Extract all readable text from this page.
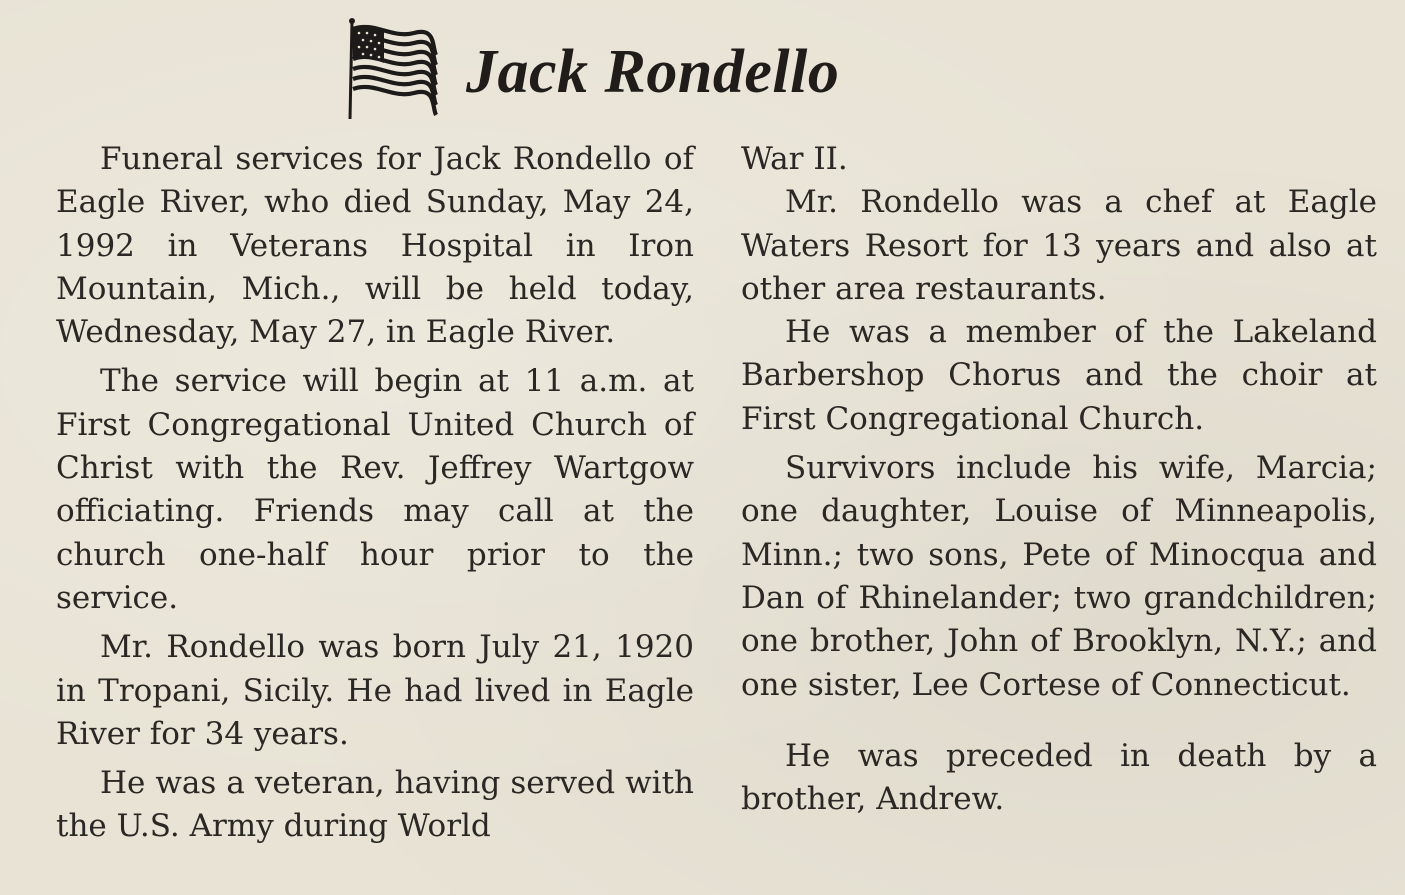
Jack Rondello

Funeral services for Jack Rondello of Eagle River, who died Sunday, May 24, 1992 in Veterans Hospital in Iron Mountain, Mich., will be held today, Wednesday, May 27, in Eagle River.

The service will begin at 11 a.m. at First Congregational United Church of Christ with the Rev. Jeffrey Wartgow officiating. Friends may call at the church one-half hour prior to the service.

Mr. Rondello was born July 21, 1920 in Tropani, Sicily. He had lived in Eagle River for 34 years.

He was a veteran, having served with the U.S. Army during World

War II.

Mr. Rondello was a chef at Eagle Waters Resort for 13 years and also at other area restaurants.

He was a member of the Lakeland Barbershop Chorus and the choir at First Congregational Church.

Survivors include his wife, Marcia; one daughter, Louise of Minneapolis, Minn.; two sons, Pete of Minocqua and Dan of Rhinelander; two grandchildren; one brother, John of Brooklyn, N.Y.; and one sister, Lee Cortese of Connecticut.

He was preceded in death by a brother, Andrew.
